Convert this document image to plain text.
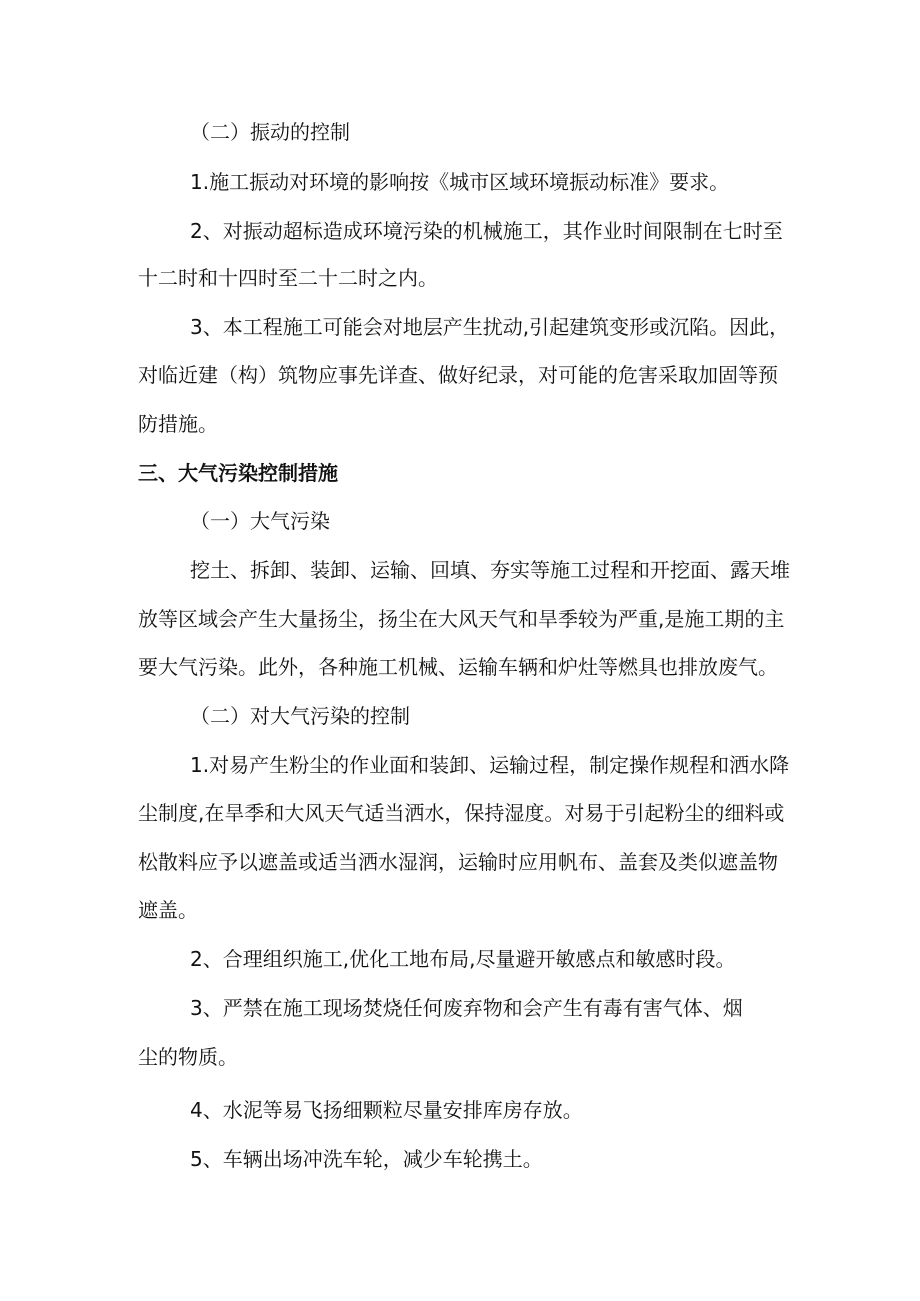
（二）振动的控制

1.施工振动对环境的影响按《城市区域环境振动标准》要求。

2、对振动超标造成环境污染的机械施工，其作业时间限制在七时至

十二时和十四时至二十二时之内。

3、本工程施工可能会对地层产生扰动,引起建筑变形或沉陷。因此，

对临近建（构）筑物应事先详查、做好纪录，对可能的危害采取加固等预

防措施。

三、大气污染控制措施

（一）大气污染

挖土、拆卸、装卸、运输、回填、夯实等施工过程和开挖面、露天堆

放等区域会产生大量扬尘，扬尘在大风天气和旱季较为严重,是施工期的主

要大气污染。此外，各种施工机械、运输车辆和炉灶等燃具也排放废气。

（二）对大气污染的控制

1.对易产生粉尘的作业面和装卸、运输过程，制定操作规程和洒水降

尘制度,在旱季和大风天气适当洒水，保持湿度。对易于引起粉尘的细料或

松散料应予以遮盖或适当洒水湿润，运输时应用帆布、盖套及类似遮盖物

遮盖。

2、合理组织施工,优化工地布局,尽量避开敏感点和敏感时段。

3、严禁在施工现场焚烧任何废弃物和会产生有毒有害气体、烟

尘的物质。

4、水泥等易飞扬细颗粒尽量安排库房存放。

5、车辆出场冲洗车轮，减少车轮携土。
